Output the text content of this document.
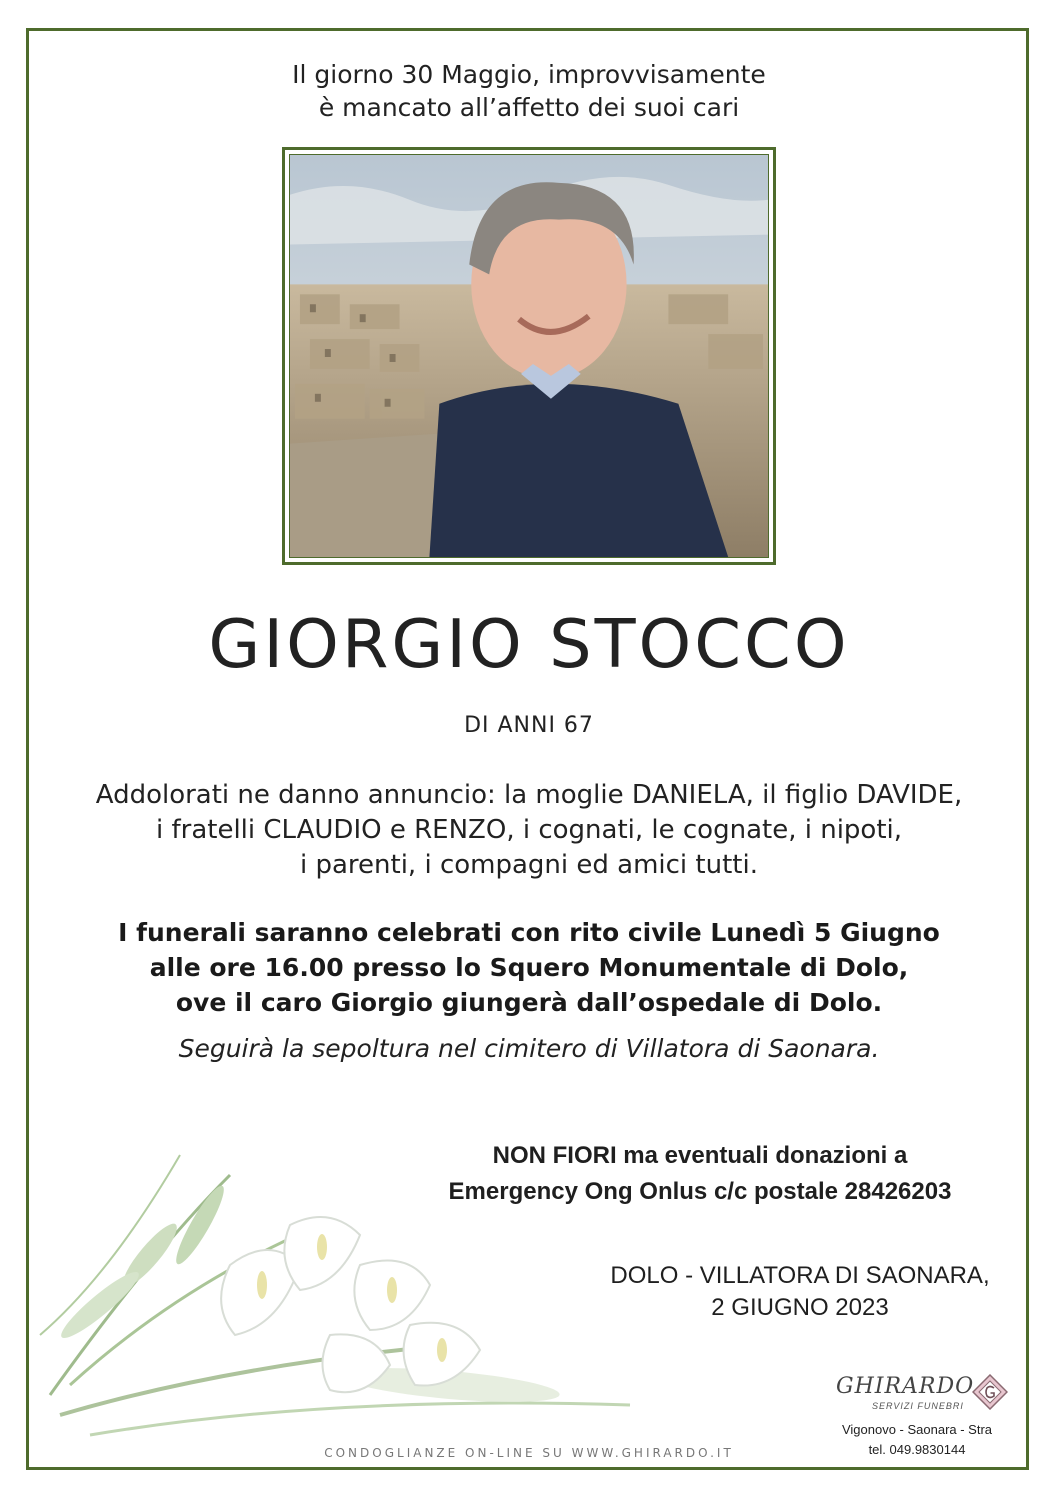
Il giorno 30 Maggio, improvvisamente
è mancato all’affetto dei suoi cari
GIORGIO STOCCO
DI ANNI 67
Addolorati ne danno annuncio: la moglie DANIELA, il figlio DAVIDE,
i fratelli CLAUDIO e RENZO, i cognati, le cognate, i nipoti,
i parenti, i compagni ed amici tutti.
I funerali saranno celebrati con rito civile Lunedì 5 Giugno
alle ore 16.00 presso lo Squero Monumentale di Dolo,
ove il caro Giorgio giungerà dall’ospedale di Dolo.
Seguirà la sepoltura nel cimitero di Villatora di Saonara.
NON FIORI ma eventuali donazioni a
Emergency Ong Onlus c/c postale 28426203
DOLO - VILLATORA DI SAONARA,
2 GIUGNO 2023
GHIRARDO
SERVIZI FUNEBRI
Vigonovo - Saonara - Stra
tel. 049.9830144
CONDOGLIANZE ON-LINE SU WWW.GHIRARDO.IT
